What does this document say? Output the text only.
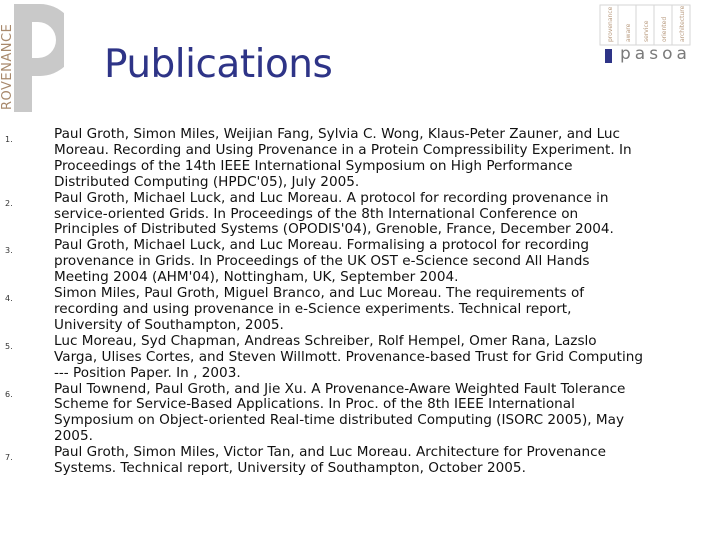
ROVENANCE Publications
provenance aware service oriented architecture
pasoa
1.	Paul Groth, Simon Miles, Weijian Fang, Sylvia C. Wong, Klaus-Peter Zauner, and Luc Moreau. Recording and Using Provenance in a Protein Compressibility Experiment. In Proceedings of the 14th IEEE International Symposium on High Performance Distributed Computing (HPDC'05), July 2005.
2.	Paul Groth, Michael Luck, and Luc Moreau. A protocol for recording provenance in service-oriented Grids. In Proceedings of the 8th International Conference on Principles of Distributed Systems (OPODIS'04), Grenoble, France, December 2004.
3.	Paul Groth, Michael Luck, and Luc Moreau. Formalising a protocol for recording provenance in Grids. In Proceedings of the UK OST e-Science second All Hands Meeting 2004 (AHM'04), Nottingham, UK, September 2004.
4.	Simon Miles, Paul Groth, Miguel Branco, and Luc Moreau. The requirements of recording and using provenance in e-Science experiments. Technical report, University of Southampton, 2005.
5.	Luc Moreau, Syd Chapman, Andreas Schreiber, Rolf Hempel, Omer Rana, Lazslo Varga, Ulises Cortes, and Steven Willmott. Provenance-based Trust for Grid Computing --- Position Paper. In , 2003.
6.	Paul Townend, Paul Groth, and Jie Xu. A Provenance-Aware Weighted Fault Tolerance Scheme for Service-Based Applications. In Proc. of the 8th IEEE International Symposium on Object-oriented Real-time distributed Computing (ISORC 2005), May 2005.
7.	Paul Groth, Simon Miles, Victor Tan, and Luc Moreau. Architecture for Provenance Systems. Technical report, University of Southampton, October 2005.
